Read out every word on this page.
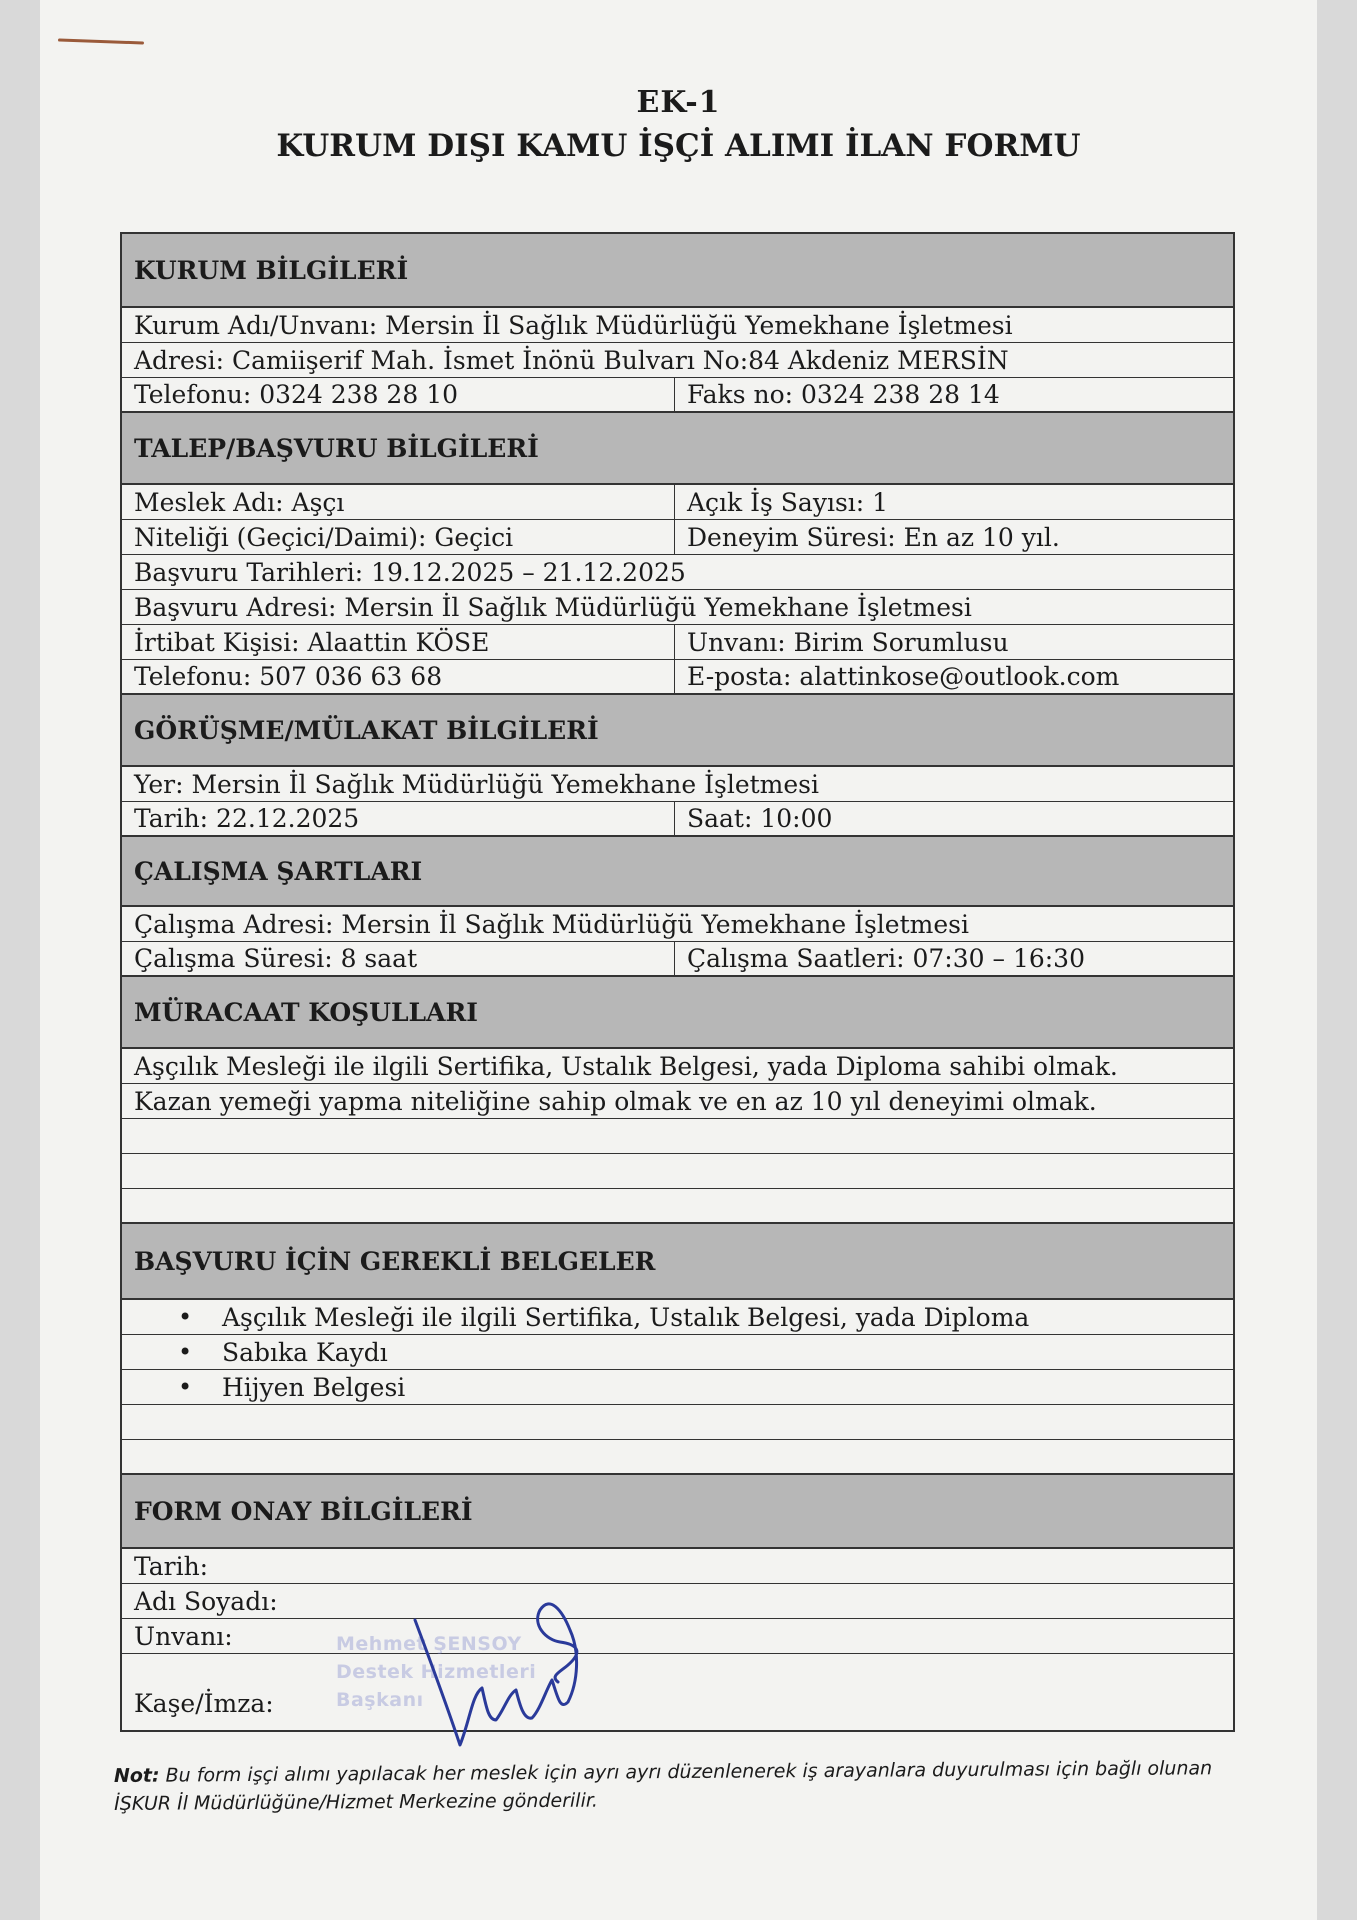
EK-1
KURUM DIŞI KAMU İŞÇİ ALIMI İLAN FORMU
KURUM BİLGİLERİ
Kurum Adı/Unvanı: Mersin İl Sağlık Müdürlüğü Yemekhane İşletmesi
Adresi: Camiişerif Mah. İsmet İnönü Bulvarı No:84 Akdeniz MERSİN
Telefonu: 0324 238 28 10	Faks no: 0324 238 28 14
TALEP/BAŞVURU BİLGİLERİ
Meslek Adı: Aşçı	Açık İş Sayısı: 1
Niteliği (Geçici/Daimi): Geçici	Deneyim Süresi: En az 10 yıl.
Başvuru Tarihleri: 19.12.2025 – 21.12.2025
Başvuru Adresi: Mersin İl Sağlık Müdürlüğü Yemekhane İşletmesi
İrtibat Kişisi: Alaattin KÖSE	Unvanı: Birim Sorumlusu
Telefonu: 507 036 63 68	E-posta: alattinkose@outlook.com
GÖRÜŞME/MÜLAKAT BİLGİLERİ
Yer: Mersin İl Sağlık Müdürlüğü Yemekhane İşletmesi
Tarih: 22.12.2025	Saat: 10:00
ÇALIŞMA ŞARTLARI
Çalışma Adresi: Mersin İl Sağlık Müdürlüğü Yemekhane İşletmesi
Çalışma Süresi: 8 saat	Çalışma Saatleri: 07:30 – 16:30
MÜRACAAT KOŞULLARI
Aşçılık Mesleği ile ilgili Sertifika, Ustalık Belgesi, yada Diploma sahibi olmak.
Kazan yemeği yapma niteliğine sahip olmak ve en az 10 yıl deneyimi olmak.
BAŞVURU İÇİN GEREKLİ BELGELER
• Aşçılık Mesleği ile ilgili Sertifika, Ustalık Belgesi, yada Diploma
• Sabıka Kaydı
• Hijyen Belgesi
FORM ONAY BİLGİLERİ
Tarih:
Adı Soyadı:
Unvanı:
Kaşe/İmza:
Mehmet ŞENSOY
Destek Hizmetleri Başkanı
Not: Bu form işçi alımı yapılacak her meslek için ayrı ayrı düzenlenerek iş arayanlara duyurulması için bağlı olunan İŞKUR İl Müdürlüğüne/Hizmet Merkezine gönderilir.
